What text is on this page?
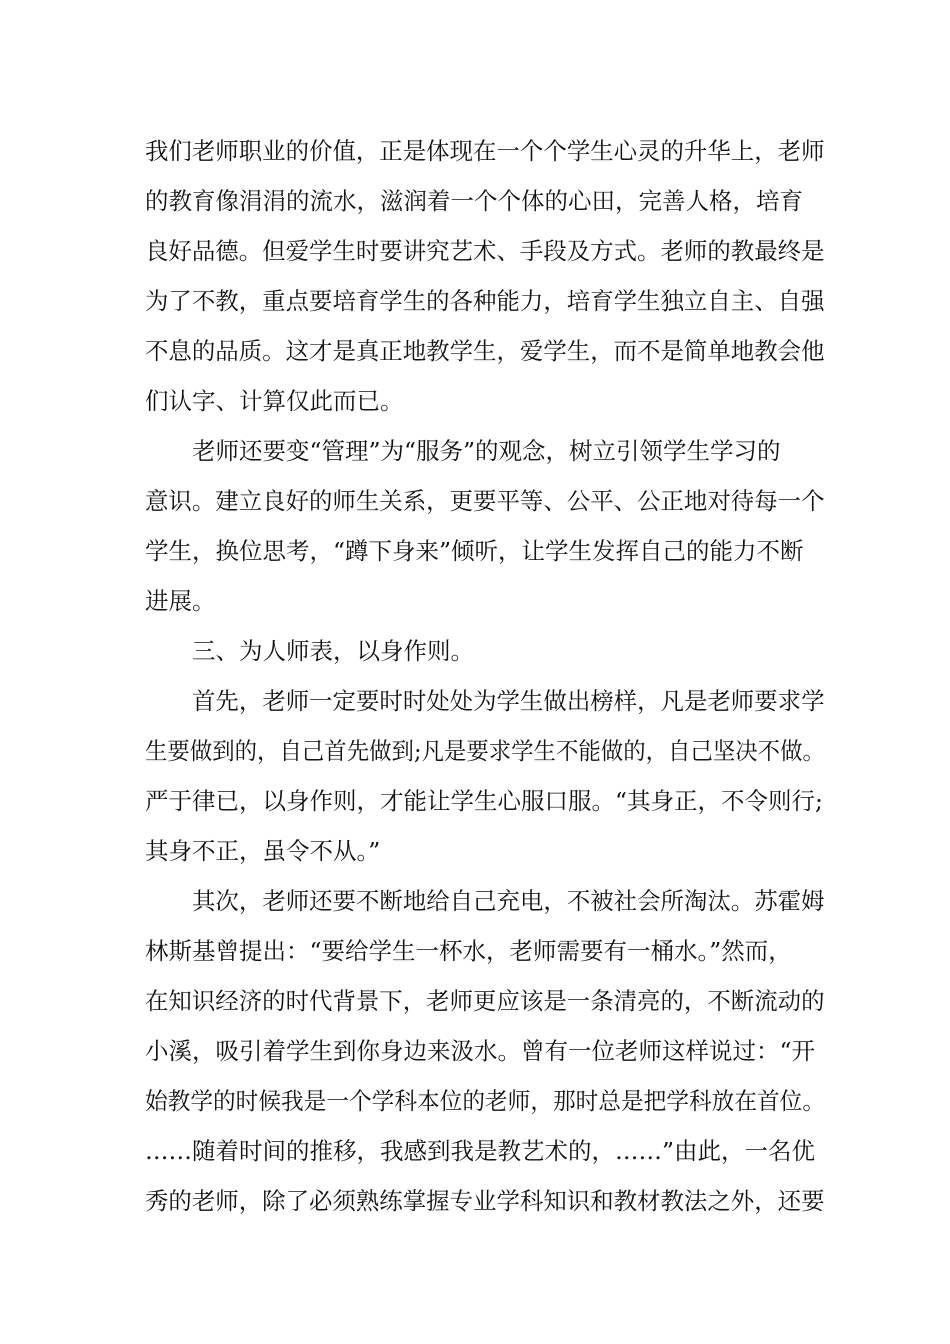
我们老师职业的价值，正是体现在一个个学生心灵的升华上，老师
的教育像涓涓的流水，滋润着一个个体的心田，完善人格，培育
良好品德。但爱学生时要讲究艺术、手段及方式。老师的教最终是
为了不教，重点要培育学生的各种能力，培育学生独立自主、自强
不息的品质。这才是真正地教学生，爱学生，而不是简单地教会他
们认字、计算仅此而已。
老师还要变“管理”为“服务”的观念，树立引领学生学习的
意识。建立良好的师生关系，更要平等、公平、公正地对待每一个
学生，换位思考，“蹲下身来”倾听，让学生发挥自己的能力不断
进展。
三、为人师表，以身作则。
首先，老师一定要时时处处为学生做出榜样，凡是老师要求学
生要做到的，自己首先做到;凡是要求学生不能做的，自己坚决不做。
严于律已，以身作则，才能让学生心服口服。“其身正，不令则行;
其身不正，虽令不从。”
其次，老师还要不断地给自己充电，不被社会所淘汰。苏霍姆
林斯基曾提出：“要给学生一杯水，老师需要有一桶水。”然而，
在知识经济的时代背景下，老师更应该是一条清亮的，不断流动的
小溪，吸引着学生到你身边来汲水。曾有一位老师这样说过：“开
始教学的时候我是一个学科本位的老师，那时总是把学科放在首位。
……随着时间的推移，我感到我是教艺术的，……”由此，一名优
秀的老师，除了必须熟练掌握专业学科知识和教材教法之外，还要
